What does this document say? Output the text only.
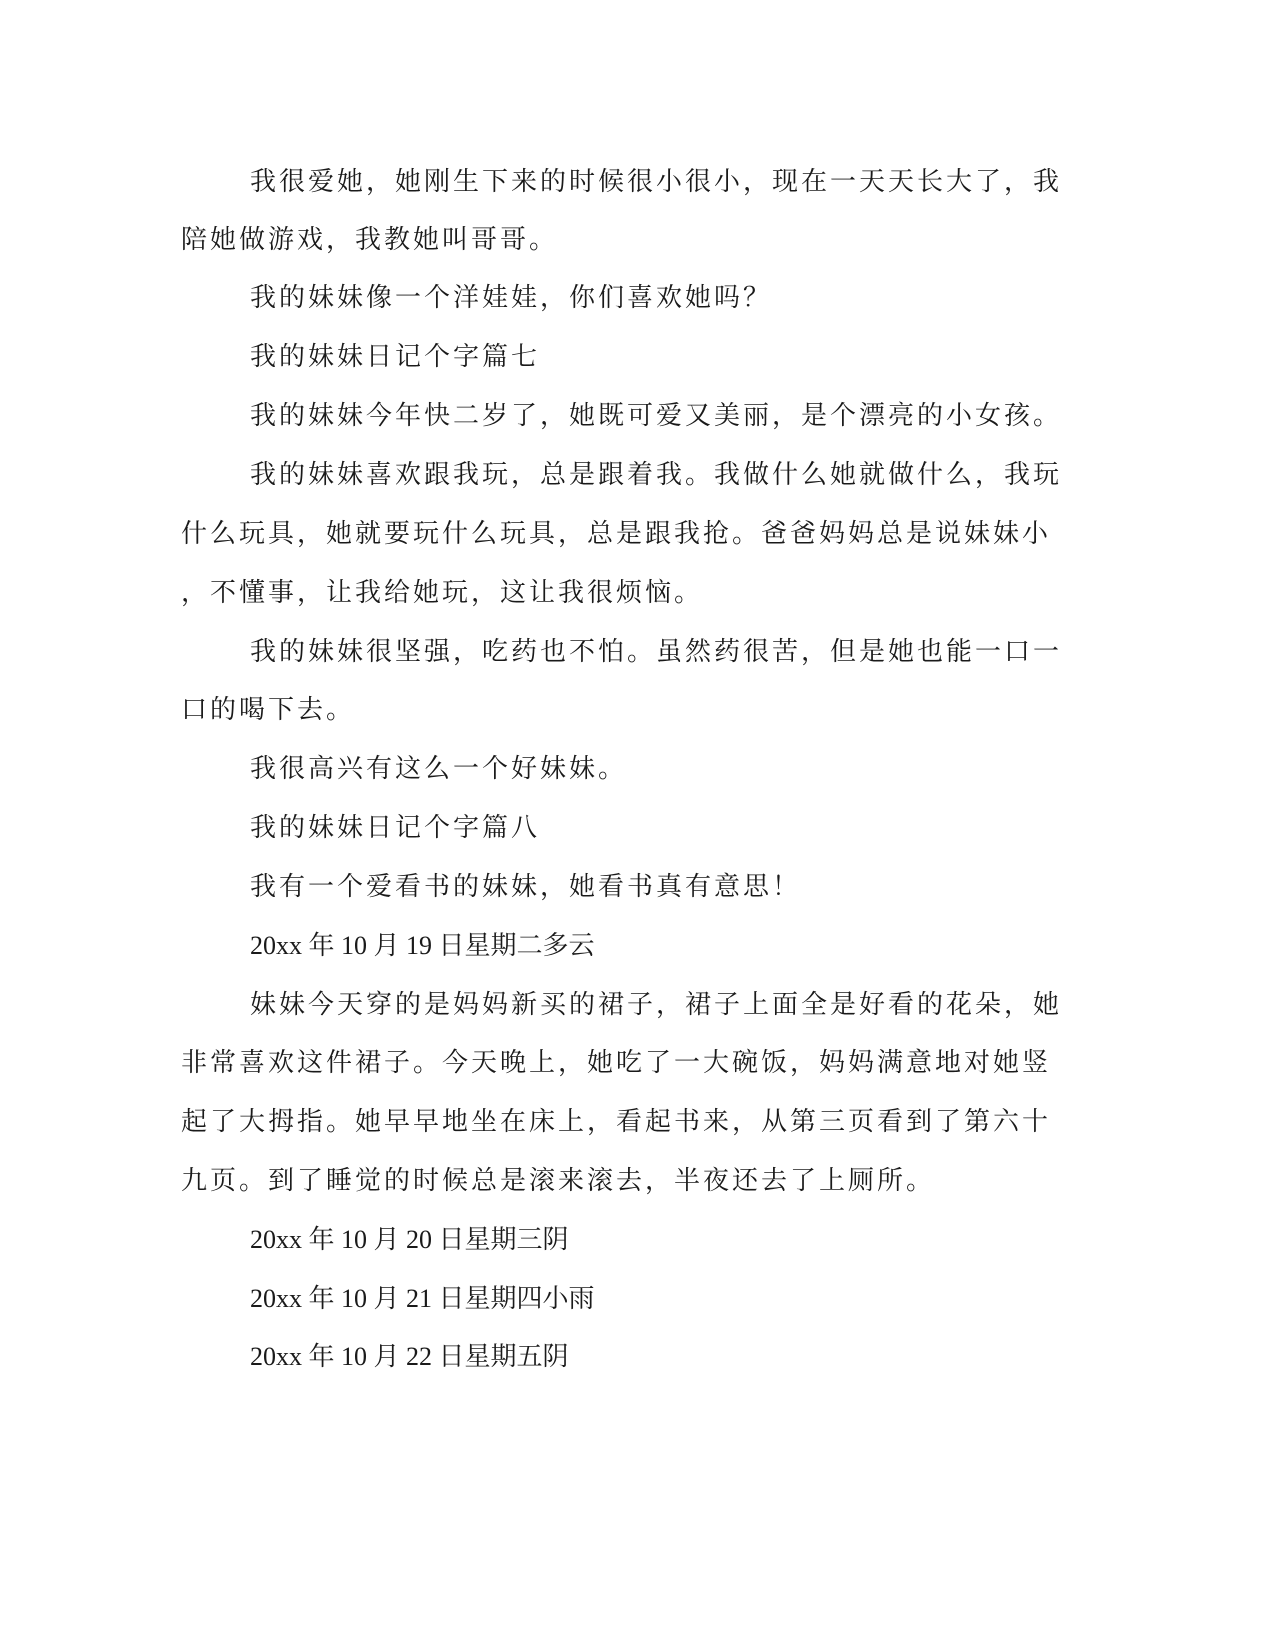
我很爱她，她刚生下来的时候很小很小，现在一天天长大了，我

陪她做游戏，我教她叫哥哥。

我的妹妹像一个洋娃娃，你们喜欢她吗？

我的妹妹日记个字篇七

我的妹妹今年快二岁了，她既可爱又美丽，是个漂亮的小女孩。

我的妹妹喜欢跟我玩，总是跟着我。我做什么她就做什么，我玩

什么玩具，她就要玩什么玩具，总是跟我抢。爸爸妈妈总是说妹妹小

，不懂事，让我给她玩，这让我很烦恼。

我的妹妹很坚强，吃药也不怕。虽然药很苦，但是她也能一口一

口的喝下去。

我很高兴有这么一个好妹妹。

我的妹妹日记个字篇八

我有一个爱看书的妹妹，她看书真有意思！

20xx 年 10 月 19 日星期二多云

妹妹今天穿的是妈妈新买的裙子，裙子上面全是好看的花朵，她

非常喜欢这件裙子。今天晚上，她吃了一大碗饭，妈妈满意地对她竖

起了大拇指。她早早地坐在床上，看起书来，从第三页看到了第六十

九页。到了睡觉的时候总是滚来滚去，半夜还去了上厕所。

20xx 年 10 月 20 日星期三阴

20xx 年 10 月 21 日星期四小雨

20xx 年 10 月 22 日星期五阴
